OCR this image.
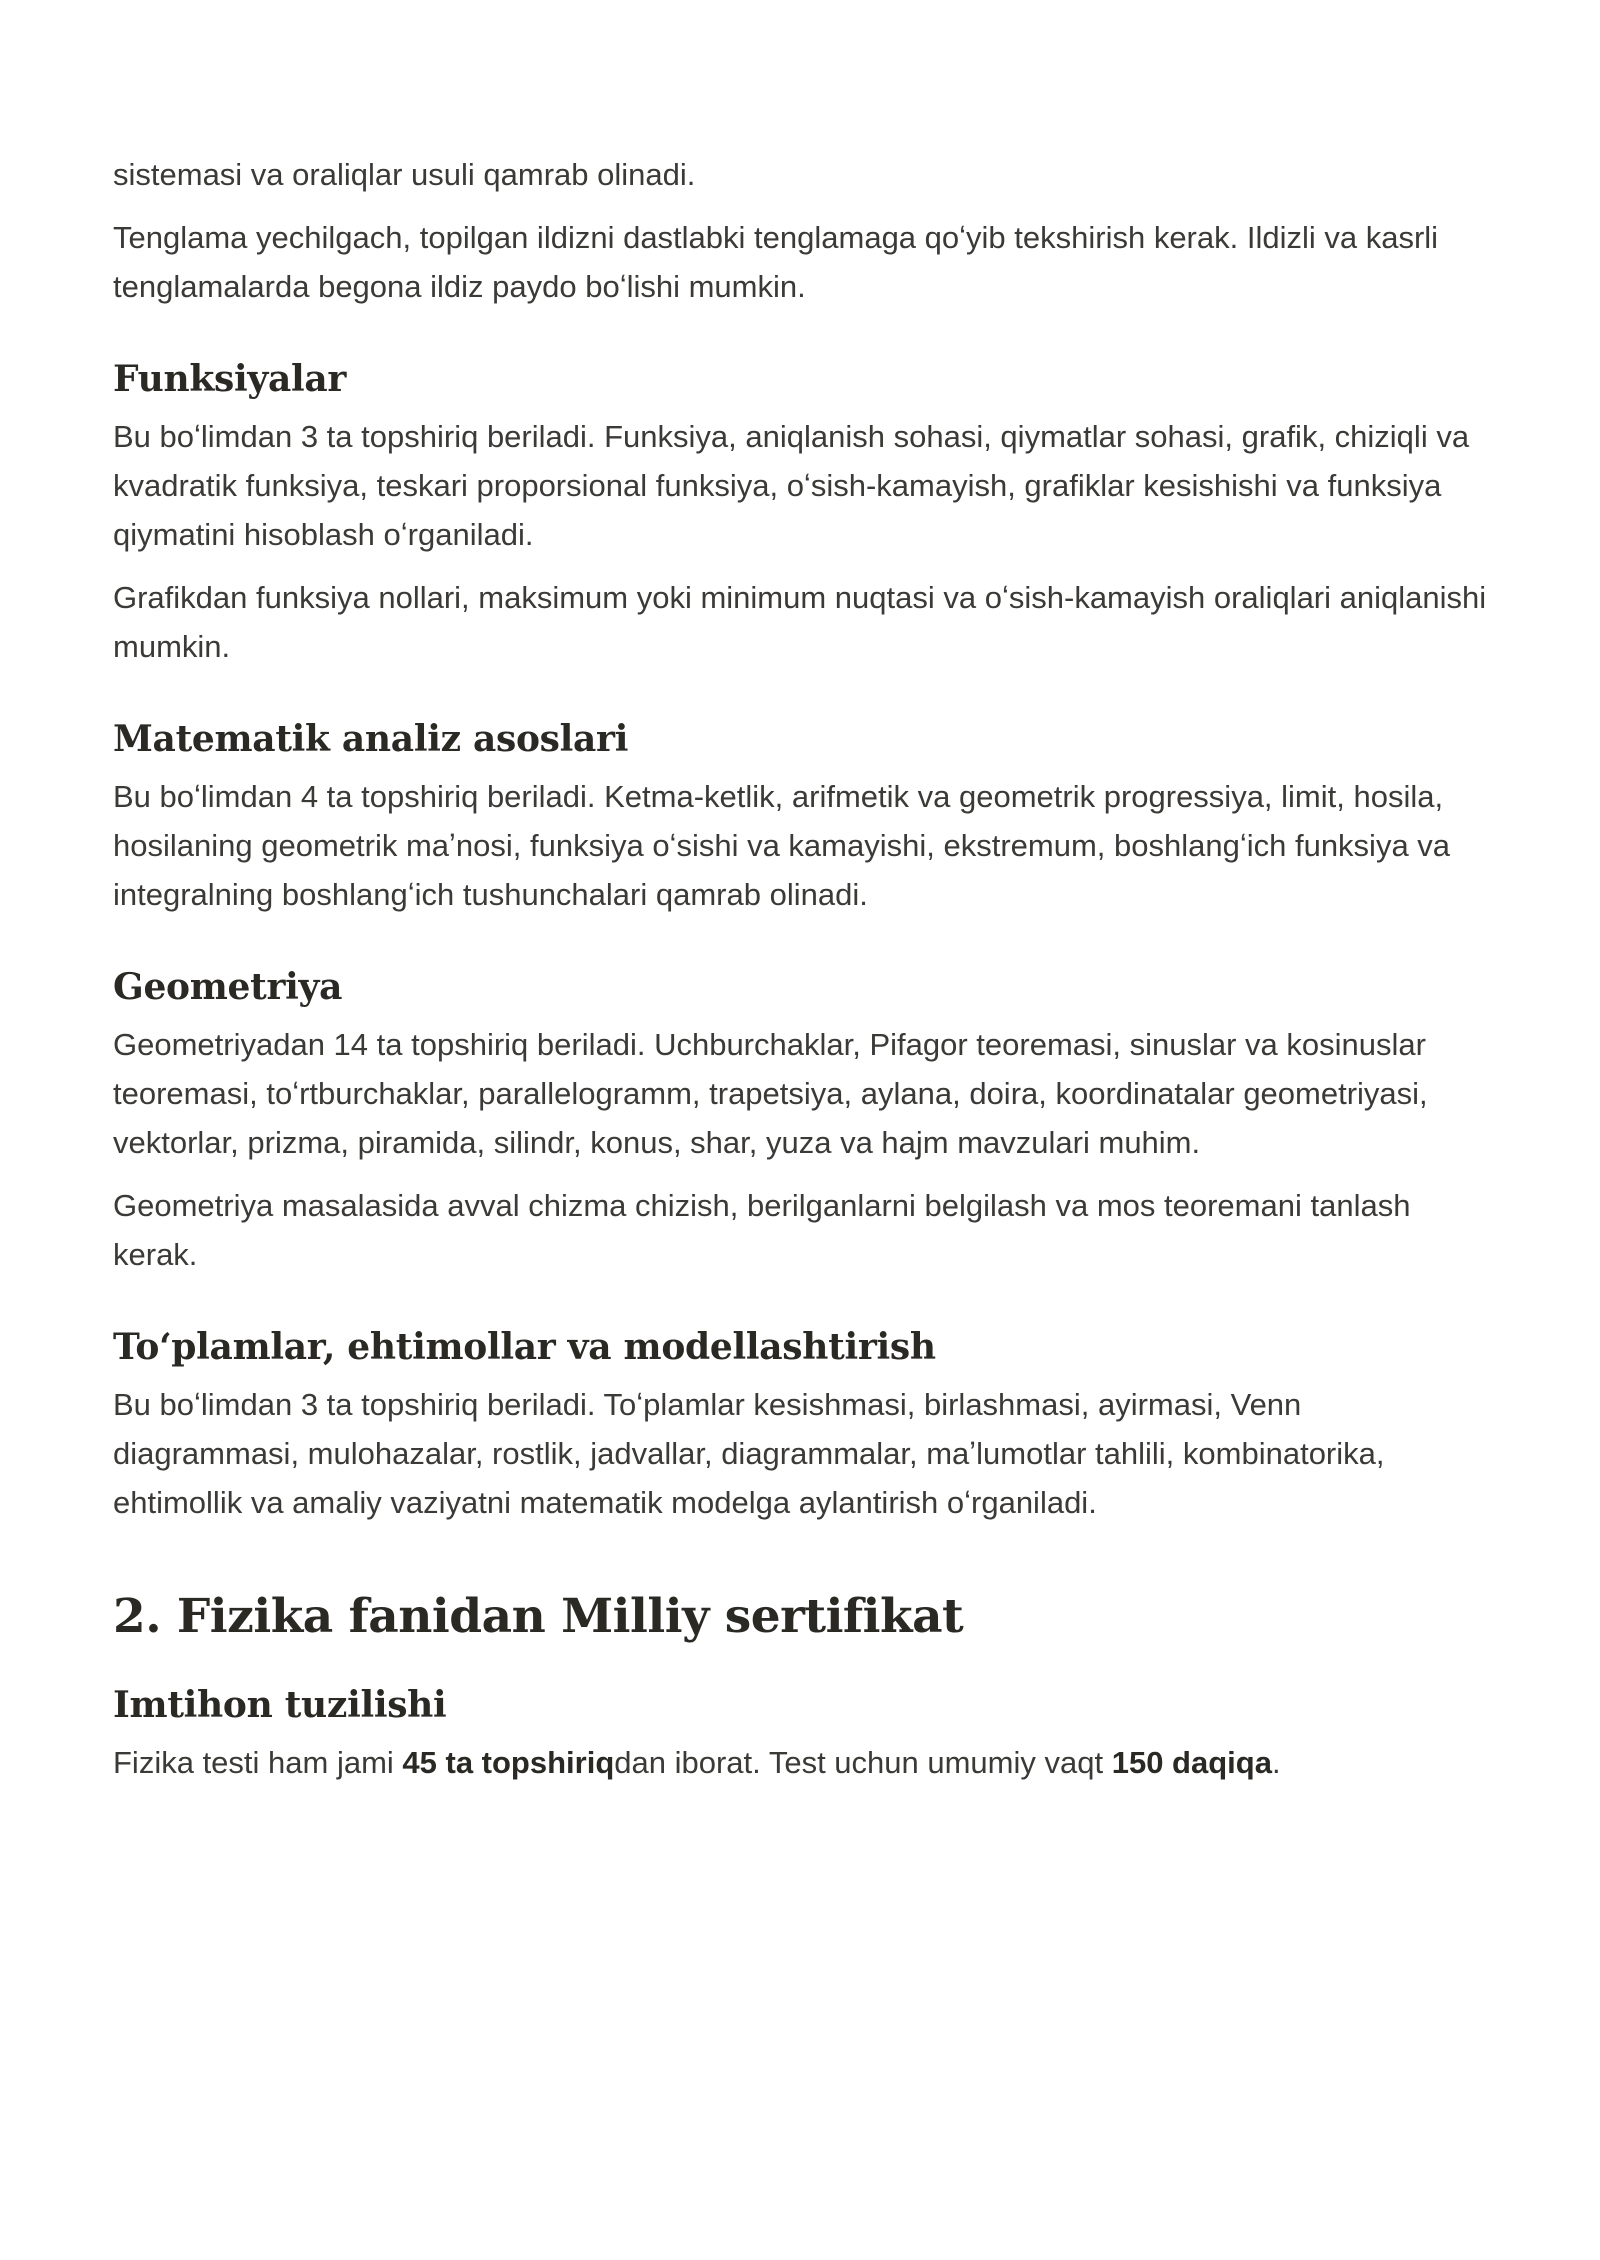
sistemasi va oraliqlar usuli qamrab olinadi.

Tenglama yechilgach, topilgan ildizni dastlabki tenglamaga qoʻyib tekshirish kerak. Ildizli va kasrli tenglamalarda begona ildiz paydo boʻlishi mumkin.

Funksiyalar

Bu boʻlimdan 3 ta topshiriq beriladi. Funksiya, aniqlanish sohasi, qiymatlar sohasi, grafik, chiziqli va kvadratik funksiya, teskari proporsional funksiya, oʻsish-kamayish, grafiklar kesishishi va funksiya qiymatini hisoblash oʻrganiladi.

Grafikdan funksiya nollari, maksimum yoki minimum nuqtasi va oʻsish-kamayish oraliqlari aniqlanishi mumkin.

Matematik analiz asoslari

Bu boʻlimdan 4 ta topshiriq beriladi. Ketma-ketlik, arifmetik va geometrik progressiya, limit, hosila, hosilaning geometrik maʼnosi, funksiya oʻsishi va kamayishi, ekstremum, boshlangʻich funksiya va integralning boshlangʻich tushunchalari qamrab olinadi.

Geometriya

Geometriyadan 14 ta topshiriq beriladi. Uchburchaklar, Pifagor teoremasi, sinuslar va kosinuslar teoremasi, toʻrtburchaklar, parallelogramm, trapetsiya, aylana, doira, koordinatalar geometriyasi, vektorlar, prizma, piramida, silindr, konus, shar, yuza va hajm mavzulari muhim.

Geometriya masalasida avval chizma chizish, berilganlarni belgilash va mos teoremani tanlash kerak.

Toʻplamlar, ehtimollar va modellashtirish

Bu boʻlimdan 3 ta topshiriq beriladi. Toʻplamlar kesishmasi, birlashmasi, ayirmasi, Venn diagrammasi, mulohazalar, rostlik, jadvallar, diagrammalar, maʼlumotlar tahlili, kombinatorika, ehtimollik va amaliy vaziyatni matematik modelga aylantirish oʻrganiladi.

2. Fizika fanidan Milliy sertifikat
Imtihon tuzilishi

Fizika testi ham jami 45 ta topshiriqdan iborat. Test uchun umumiy vaqt 150 daqiqa.
